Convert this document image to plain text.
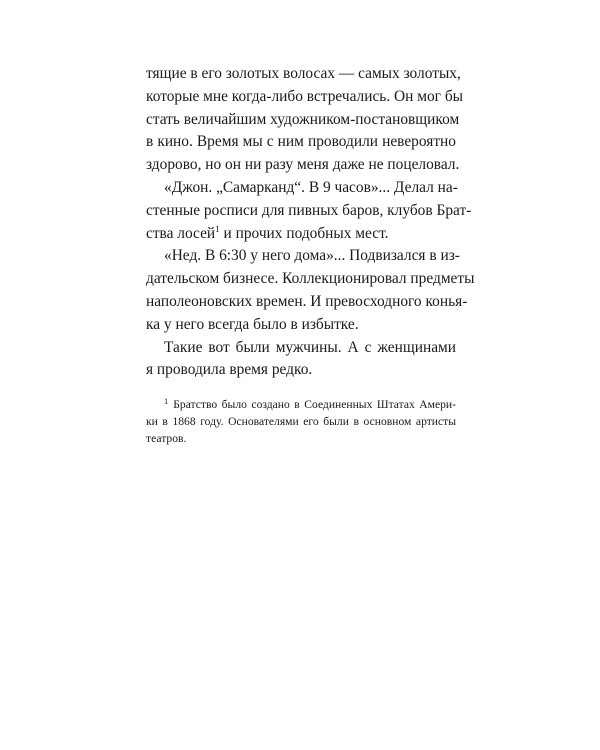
тящие в его золотых волосах — самых золотых,
которые мне когда-либо встречались. Он мог бы
стать величайшим художником-постановщиком
в кино. Время мы с ним проводили невероятно
здорово, но он ни разу меня даже не поцеловал.
«Джон. „Самарканд“. В 9 часов»... Делал на-
стенные росписи для пивных баров, клубов Брат-
ства лосей$^1$ и прочих подобных мест.
«Нед. В 6:30 у него дома»... Подвизался в из-
дательском бизнесе. Коллекционировал предметы
наполеоновских времен. И превосходного конья-
ка у него всегда было в избытке.
Такие вот были мужчины. А с женщинами
я проводила время редко.
$^1$ Братство было создано в Соединенных Штатах Амери-
ки в 1868 году. Основателями его были в основном артисты
театров.
